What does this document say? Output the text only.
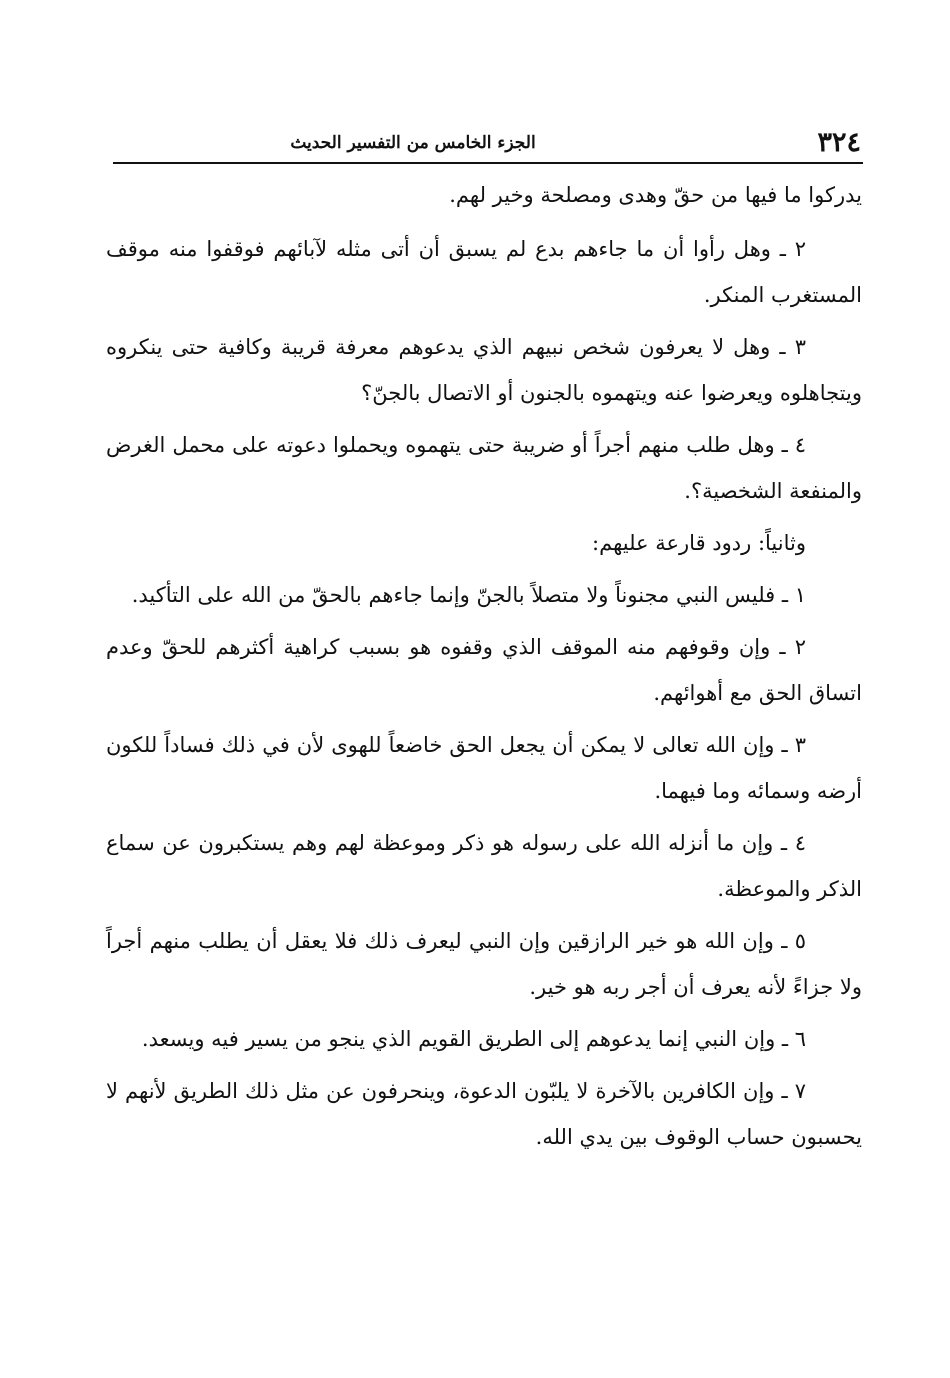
٣٢٤
الجزء الخامس من التفسير الحديث

يدركوا ما فيها من حقّ وهدى ومصلحة وخير لهم.

٢ ـ وهل رأوا أن ما جاءهم بدع لم يسبق أن أتى مثله لآبائهم فوقفوا منه موقف المستغرب المنكر.

٣ ـ وهل لا يعرفون شخص نبيهم الذي يدعوهم معرفة قريبة وكافية حتى ينكروه ويتجاهلوه ويعرضوا عنه ويتهموه بالجنون أو الاتصال بالجنّ؟

٤ ـ وهل طلب منهم أجراً أو ضريبة حتى يتهموه ويحملوا دعوته على محمل الغرض والمنفعة الشخصية؟.

وثانياً: ردود قارعة عليهم:

١ ـ فليس النبي مجنوناً ولا متصلاً بالجنّ وإنما جاءهم بالحقّ من الله على التأكيد.

٢ ـ وإن وقوفهم منه الموقف الذي وقفوه هو بسبب كراهية أكثرهم للحقّ وعدم اتساق الحق مع أهوائهم.

٣ ـ وإن الله تعالى لا يمكن أن يجعل الحق خاضعاً للهوى لأن في ذلك فساداً للكون أرضه وسمائه وما فيهما.

٤ ـ وإن ما أنزله الله على رسوله هو ذكر وموعظة لهم وهم يستكبرون عن سماع الذكر والموعظة.

٥ ـ وإن الله هو خير الرازقين وإن النبي ليعرف ذلك فلا يعقل أن يطلب منهم أجراً ولا جزاءً لأنه يعرف أن أجر ربه هو خير.

٦ ـ وإن النبي إنما يدعوهم إلى الطريق القويم الذي ينجو من يسير فيه ويسعد.

٧ ـ وإن الكافرين بالآخرة لا يلبّون الدعوة، وينحرفون عن مثل ذلك الطريق لأنهم لا يحسبون حساب الوقوف بين يدي الله.
